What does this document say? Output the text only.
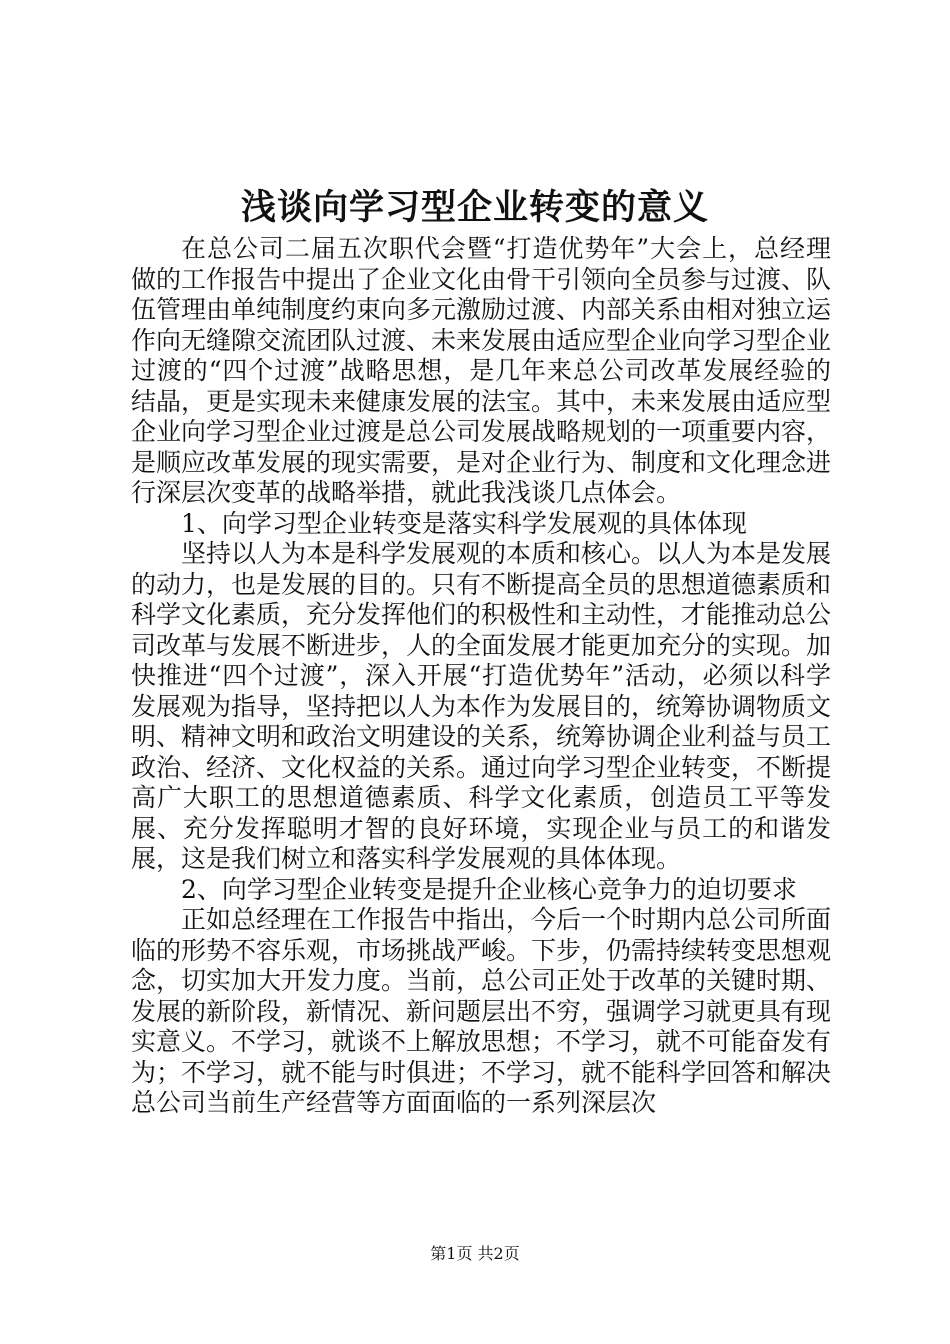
浅谈向学习型企业转变的意义

在总公司二届五次职代会暨“打造优势年”大会上，总经理做的工作报告中提出了企业文化由骨干引领向全员参与过渡、队伍管理由单纯制度约束向多元激励过渡、内部关系由相对独立运作向无缝隙交流团队过渡、未来发展由适应型企业向学习型企业过渡的“四个过渡”战略思想，是几年来总公司改革发展经验的结晶，更是实现未来健康发展的法宝。其中，未来发展由适应型企业向学习型企业过渡是总公司发展战略规划的一项重要内容，是顺应改革发展的现实需要，是对企业行为、制度和文化理念进行深层次变革的战略举措，就此我浅谈几点体会。

1、向学习型企业转变是落实科学发展观的具体体现

坚持以人为本是科学发展观的本质和核心。以人为本是发展的动力，也是发展的目的。只有不断提高全员的思想道德素质和科学文化素质，充分发挥他们的积极性和主动性，才能推动总公司改革与发展不断进步，人的全面发展才能更加充分的实现。加快推进“四个过渡”，深入开展“打造优势年”活动，必须以科学发展观为指导，坚持把以人为本作为发展目的，统筹协调物质文明、精神文明和政治文明建设的关系，统筹协调企业利益与员工政治、经济、文化权益的关系。通过向学习型企业转变，不断提高广大职工的思想道德素质、科学文化素质，创造员工平等发展、充分发挥聪明才智的良好环境，实现企业与员工的和谐发展，这是我们树立和落实科学发展观的具体体现。

2、向学习型企业转变是提升企业核心竞争力的迫切要求

正如总经理在工作报告中指出，今后一个时期内总公司所面临的形势不容乐观，市场挑战严峻。下步，仍需持续转变思想观念，切实加大开发力度。当前，总公司正处于改革的关键时期、发展的新阶段，新情况、新问题层出不穷，强调学习就更具有现实意义。不学习，就谈不上解放思想；不学习，就不可能奋发有为；不学习，就不能与时俱进；不学习，就不能科学回答和解决总公司当前生产经营等方面面临的一系列深层次

第1页 共2页
